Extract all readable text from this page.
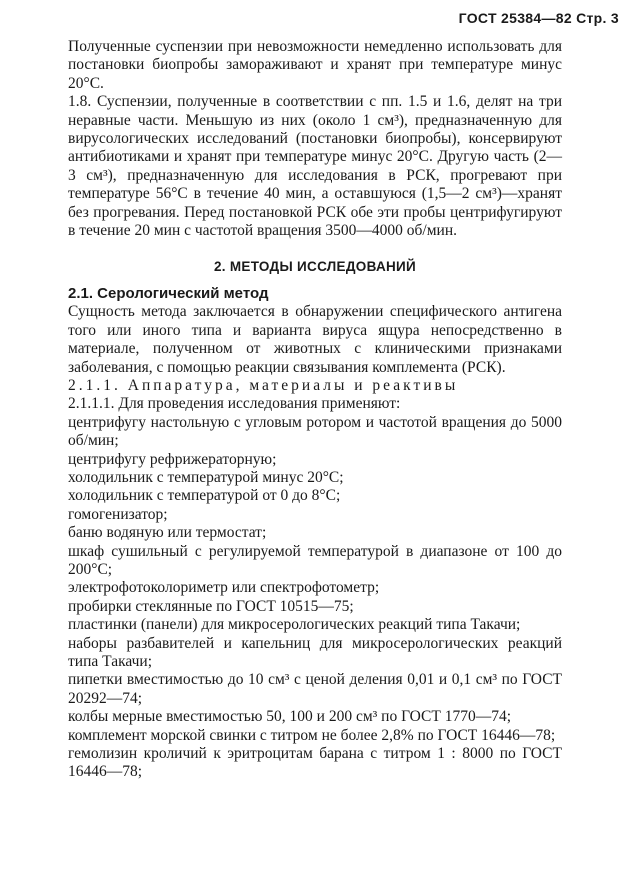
ГОСТ 25384—82 Стр. 3

Полученные суспензии при невозможности немедленно использовать для постановки биопробы замораживают и хранят при температуре минус 20°С.

1.8. Суспензии, полученные в соответствии с пп. 1.5 и 1.6, делят на три неравные части. Меньшую из них (около 1 см³), предназначенную для вирусологических исследований (постановки биопробы), консервируют антибиотиками и хранят при температуре минус 20°С. Другую часть (2—3 см³), предназначенную для исследования в РСК, прогревают при температуре 56°С в течение 40 мин, а оставшуюся (1,5—2 см³)—хранят без прогревания. Перед постановкой РСК обе эти пробы центрифугируют в течение 20 мин с частотой вращения 3500—4000 об/мин.

2. МЕТОДЫ ИССЛЕДОВАНИЙ

2.1. Серологический метод

Сущность метода заключается в обнаружении специфического антигена того или иного типа и варианта вируса ящура непосредственно в материале, полученном от животных с клиническими признаками заболевания, с помощью реакции связывания комплемента (РСК).

2.1.1. Аппаратура, материалы и реактивы

2.1.1.1. Для проведения исследования применяют:

центрифугу настольную с угловым ротором и частотой вращения до 5000 об/мин;

центрифугу рефрижераторную;

холодильник с температурой минус 20°С;

холодильник с температурой от 0 до 8°С;

гомогенизатор;

баню водяную или термостат;

шкаф сушильный с регулируемой температурой в диапазоне от 100 до 200°С;

электрофотоколориметр или спектрофотометр;

пробирки стеклянные по ГОСТ 10515—75;

пластинки (панели) для микросерологических реакций типа Такачи;

наборы разбавителей и капельниц для микросерологических реакций типа Такачи;

пипетки вместимостью до 10 см³ с ценой деления 0,01 и 0,1 см³ по ГОСТ 20292—74;

колбы мерные вместимостью 50, 100 и 200 см³ по ГОСТ 1770—74;

комплемент морской свинки с титром не более 2,8% по ГОСТ 16446—78;

гемолизин кроличий к эритроцитам барана с титром 1 : 8000 по ГОСТ 16446—78;
